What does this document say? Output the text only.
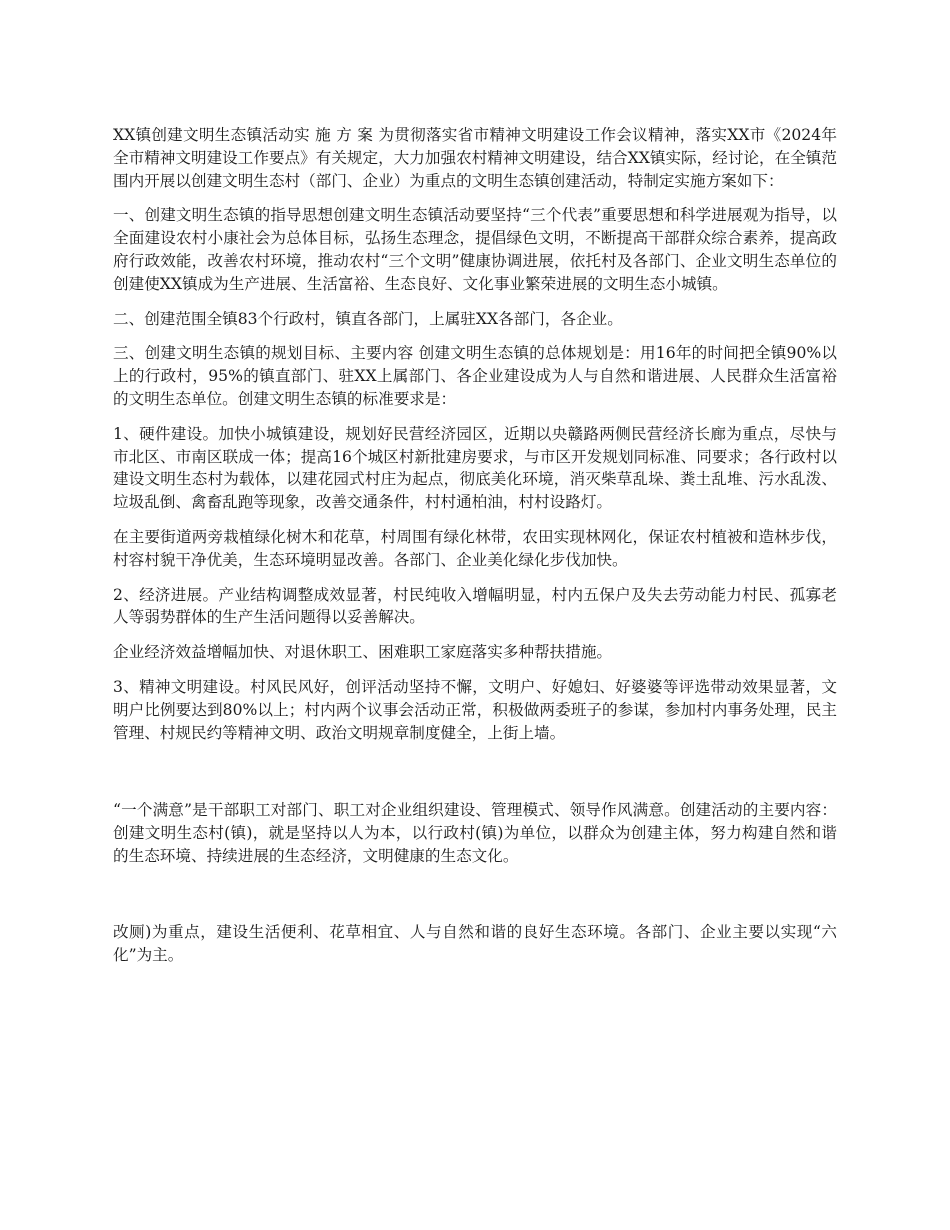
XX镇创建文明生态镇活动实 施 方 案 为贯彻落实省市精神文明建设工作会议精神，落实XX市《2024年全市精神文明建设工作要点》有关规定，大力加强农村精神文明建设，结合XX镇实际，经讨论，在全镇范围内开展以创建文明生态村（部门、企业）为重点的文明生态镇创建活动，特制定实施方案如下：

一、创建文明生态镇的指导思想创建文明生态镇活动要坚持“三个代表”重要思想和科学进展观为指导，以全面建设农村小康社会为总体目标，弘扬生态理念，提倡绿色文明，不断提高干部群众综合素养，提高政府行政效能，改善农村环境，推动农村“三个文明”健康协调进展，依托村及各部门、企业文明生态单位的创建使XX镇成为生产进展、生活富裕、生态良好、文化事业繁荣进展的文明生态小城镇。

二、创建范围全镇83个行政村，镇直各部门，上属驻XX各部门，各企业。

三、创建文明生态镇的规划目标、主要内容 创建文明生态镇的总体规划是：用16年的时间把全镇90%以上的行政村，95%的镇直部门、驻XX上属部门、各企业建设成为人与自然和谐进展、人民群众生活富裕的文明生态单位。创建文明生态镇的标准要求是：

1、硬件建设。加快小城镇建设，规划好民营经济园区，近期以央赣路两侧民营经济长廊为重点，尽快与市北区、市南区联成一体；提高16个城区村新批建房要求，与市区开发规划同标准、同要求；各行政村以建设文明生态村为载体，以建花园式村庄为起点，彻底美化环境，消灭柴草乱垛、粪土乱堆、污水乱泼、垃圾乱倒、禽畜乱跑等现象，改善交通条件，村村通柏油，村村设路灯。

在主要街道两旁栽植绿化树木和花草，村周围有绿化林带，农田实现林网化，保证农村植被和造林步伐，村容村貌干净优美，生态环境明显改善。各部门、企业美化绿化步伐加快。

2、经济进展。产业结构调整成效显著，村民纯收入增幅明显，村内五保户及失去劳动能力村民、孤寡老人等弱势群体的生产生活问题得以妥善解决。

企业经济效益增幅加快、对退休职工、困难职工家庭落实多种帮扶措施。

3、精神文明建设。村风民风好，创评活动坚持不懈，文明户、好媳妇、好婆婆等评选带动效果显著，文明户比例要达到80%以上；村内两个议事会活动正常，积极做两委班子的参谋，参加村内事务处理，民主管理、村规民约等精神文明、政治文明规章制度健全，上街上墙。

“一个满意”是干部职工对部门、职工对企业组织建设、管理模式、领导作风满意。创建活动的主要内容：创建文明生态村(镇)，就是坚持以人为本，以行政村(镇)为单位，以群众为创建主体，努力构建自然和谐的生态环境、持续进展的生态经济，文明健康的生态文化。

改厕)为重点，建设生活便利、花草相宜、人与自然和谐的良好生态环境。各部门、企业主要以实现“六化”为主。
